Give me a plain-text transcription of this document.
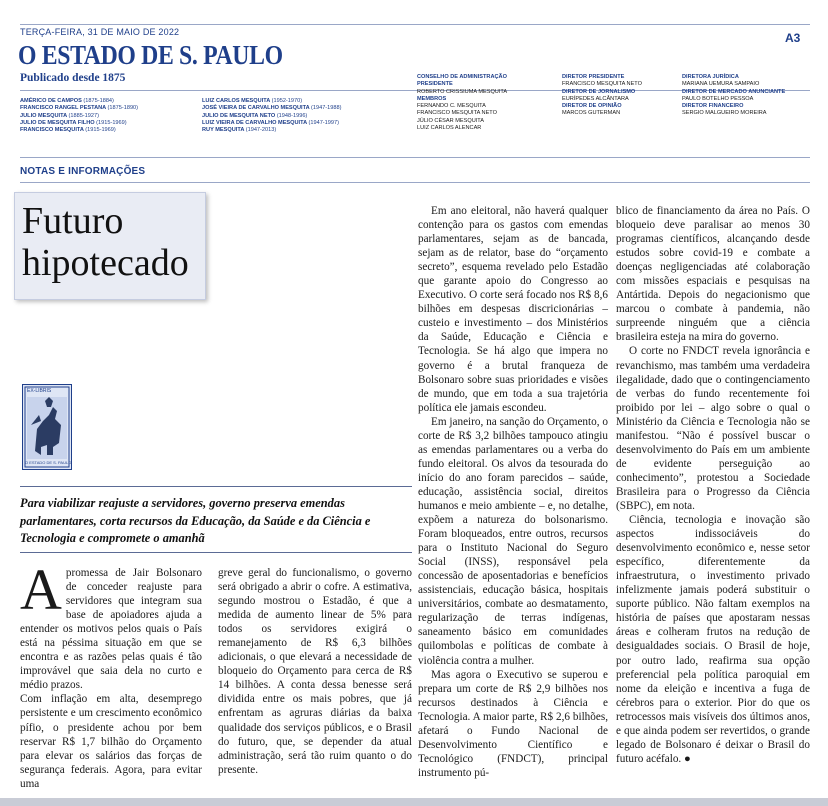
TERÇA-FEIRA, 31 DE MAIO DE 2022	A3
O ESTADO DE S. PAULO
Publicado desde 1875
AMÉRICO DE CAMPOS (1875-1884)
FRANCISCO RANGEL PESTANA (1875-1890)
JULIO MESQUITA (1885-1927)
JULIO DE MESQUITA FILHO (1915-1969)
FRANCISCO MESQUITA (1915-1969)
LUIZ CARLOS MESQUITA (1952-1970)
JOSÉ VIEIRA DE CARVALHO MESQUITA (1947-1988)
JULIO DE MESQUITA NETO (1948-1996)
LUIZ VIEIRA DE CARVALHO MESQUITA (1947-1997)
RUY MESQUITA (1947-2013)
CONSELHO DE ADMINISTRAÇÃO
PRESIDENTE
ROBERTO CRISSIUMA MESQUITA
MEMBROS
FERNANDO C. MESQUITA
FRANCISCO MESQUITA NETO
JÚLIO CÉSAR MESQUITA
LUIZ CARLOS ALENCAR
DIRETOR PRESIDENTE
FRANCISCO MESQUITA NETO
DIRETOR DE JORNALISMO
EURÍPEDES ALCÂNTARA
DIRETOR DE OPINIÃO
MARCOS GUTERMAN
DIRETORA JURÍDICA
MARIANA UEMURA SAMPAIO
DIRETOR DE MERCADO ANUNCIANTE
PAULO BOTELHO PESSOA
DIRETOR FINANCEIRO
SERGIO MALGUEIRO MOREIRA
NOTAS E INFORMAÇÕES
Futuro
hipotecado
EX-LIBRIS
O ESTADO DE S. PAULO
Para viabilizar reajuste a servidores, governo preserva emendas parlamentares, corta recursos da Educação, da Saúde e da Ciência e Tecnologia e compromete o amanhã

A promessa de Jair Bolsonaro de conceder reajuste para servidores que integram sua base de apoiadores ajuda a entender os motivos pelos quais o País está na péssima situação em que se encontra e as razões pelas quais é tão improvável que saia dela no curto e médio prazos.

Com inflação em alta, desemprego persistente e um crescimento econômico pífio, o presidente achou por bem reservar R$ 1,7 bilhão do Orçamento para elevar os salários das forças de segurança federais. Agora, para evitar uma

greve geral do funcionalismo, o governo será obrigado a abrir o cofre. A estimativa, segundo mostrou o Estadão, é que a medida de aumento linear de 5% para todos os servidores exigirá o remanejamento de R$ 6,3 bilhões adicionais, o que elevará a necessidade de bloqueio do Orçamento para cerca de R$ 14 bilhões. A conta dessa benesse será dividida entre os mais pobres, que já enfrentam as agruras diárias da baixa qualidade dos serviços públicos, e o Brasil do futuro, que, se depender da atual administração, será tão ruim quanto o do presente.

Em ano eleitoral, não haverá qualquer contenção para os gastos com emendas parlamentares, sejam as de bancada, sejam as de relator, base do “orçamento secreto”, esquema revelado pelo Estadão que garante apoio do Congresso ao Executivo. O corte será focado nos R$ 8,6 bilhões em despesas discricionárias – custeio e investimento – dos Ministérios da Saúde, Educação e Ciência e Tecnologia. Se há algo que impera no governo é a brutal franqueza de Bolsonaro sobre suas prioridades e visões de mundo, que em toda a sua trajetória política ele jamais escondeu.

Em janeiro, na sanção do Orçamento, o corte de R$ 3,2 bilhões tampouco atingiu as emendas parlamentares ou a verba do fundo eleitoral. Os alvos da tesourada do início do ano foram parecidos – saúde, educação, assistência social, direitos humanos e meio ambiente – e, no detalhe, expõem a natureza do bolsonarismo. Foram bloqueados, entre outros, recursos para o Instituto Nacional do Seguro Social (INSS), responsável pela concessão de aposentadorias e benefícios assistenciais, educação básica, hospitais universitários, combate ao desmatamento, regularização de terras indígenas, saneamento básico em comunidades quilombolas e políticas de combate à violência contra a mulher.

Mas agora o Executivo se superou e prepara um corte de R$ 2,9 bilhões nos recursos destinados à Ciência e Tecnologia. A maior parte, R$ 2,6 bilhões, afetará o Fundo Nacional de Desenvolvimento Científico e Tecnológico (FNDCT), principal instrumento pú-

blico de financiamento da área no País. O bloqueio deve paralisar ao menos 30 programas científicos, alcançando desde estudos sobre covid-19 e combate a doenças negligenciadas até colaboração com missões espaciais e pesquisas na Antártida. Depois do negacionismo que marcou o combate à pandemia, não surpreende ninguém que a ciência brasileira esteja na mira do governo.

O corte no FNDCT revela ignorância e revanchismo, mas também uma verdadeira ilegalidade, dado que o contingenciamento de verbas do fundo recentemente foi proibido por lei – algo sobre o qual o Ministério da Ciência e Tecnologia não se manifestou. “Não é possível buscar o desenvolvimento do País em um ambiente de evidente perseguição ao conhecimento”, protestou a Sociedade Brasileira para o Progresso da Ciência (SBPC), em nota.

Ciência, tecnologia e inovação são aspectos indissociáveis do desenvolvimento econômico e, nesse setor específico, diferentemente da infraestrutura, o investimento privado infelizmente jamais poderá substituir o suporte público. Não faltam exemplos na história de países que apostaram nessas áreas e colheram frutos na redução de desigualdades sociais. O Brasil de hoje, por outro lado, reafirma sua opção preferencial pela política paroquial em nome da eleição e incentiva a fuga de cérebros para o exterior. Pior do que os retrocessos mais visíveis dos últimos anos, e que ainda podem ser revertidos, o grande legado de Bolsonaro é deixar o Brasil do futuro acéfalo. ●
